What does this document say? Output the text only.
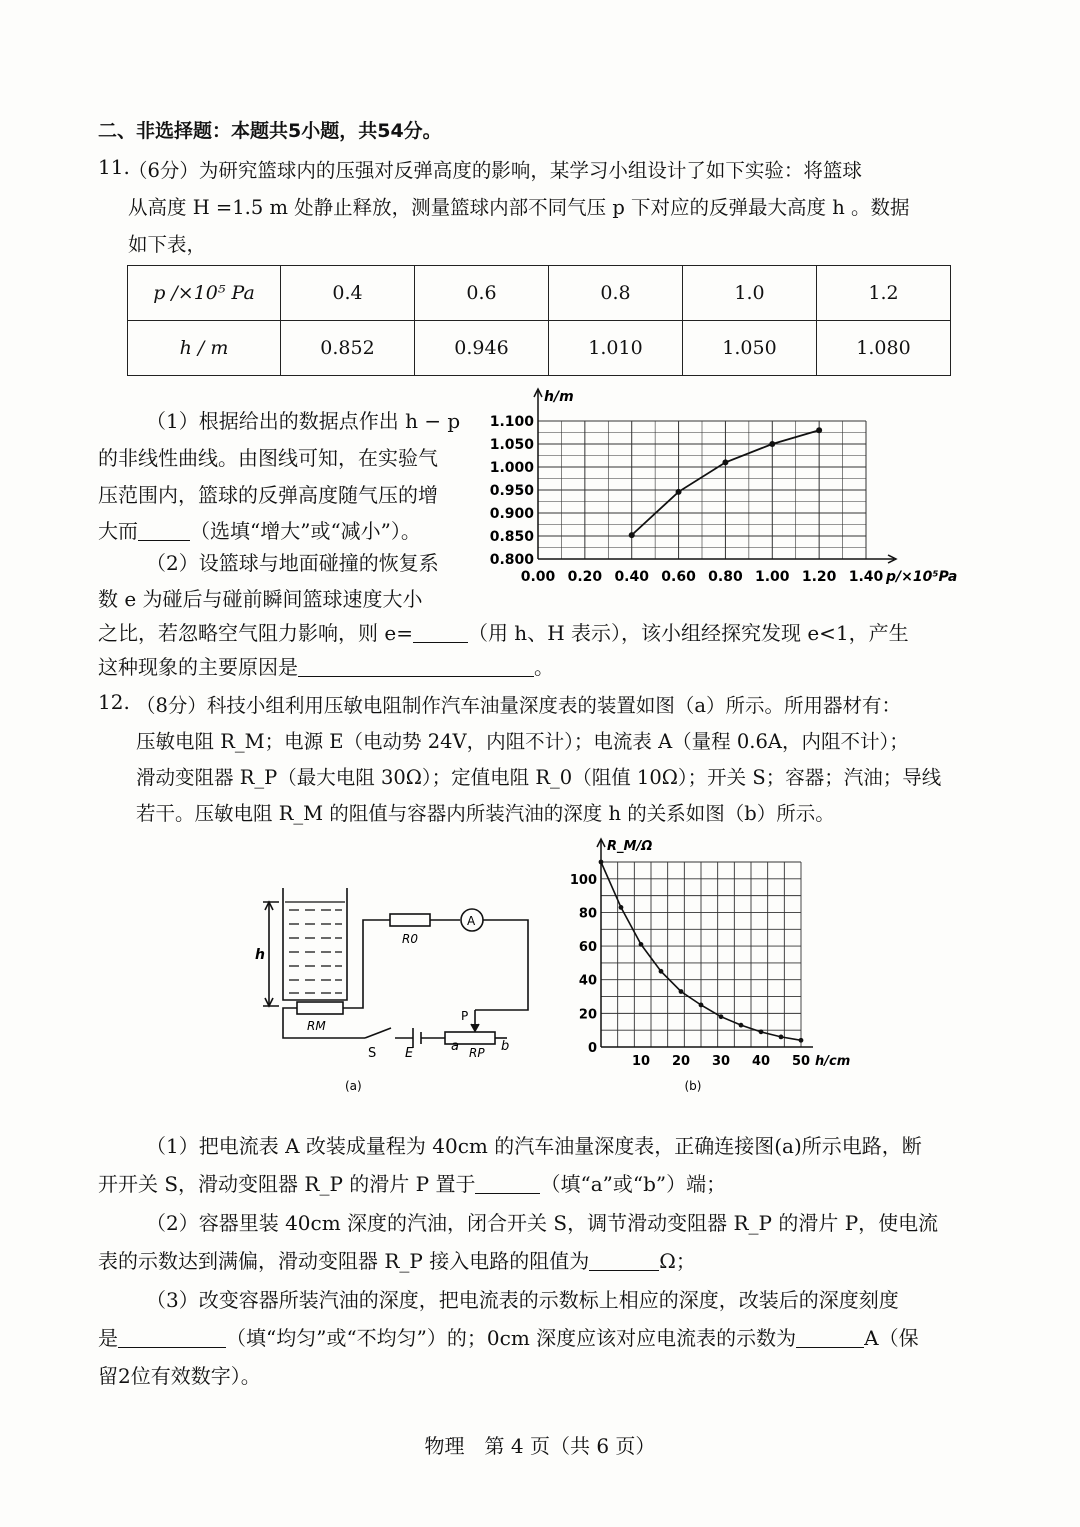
二、非选择题：本题共5小题，共54分。
11.
（6分）为研究篮球内的压强对反弹高度的影响，某学习小组设计了如下实验：将篮球
从高度 H =1.5 m 处静止释放，测量篮球内部不同气压 p 下对应的反弹最大高度 h 。数据
如下表，
p /×10⁵ Pa	0.4	0.6	0.8	1.0	1.2
h / m	0.852	0.946	1.010	1.050	1.080
（1）根据给出的数据点作出 h − p
的非线性曲线。由图线可知，在实验气
压范围内，篮球的反弹高度随气压的增
大而	（选填“增大”或“减小”）。
（2）设篮球与地面碰撞的恢复系
数 e 为碰后与碰前瞬间篮球速度大小
之比，若忽略空气阻力影响，则 e=	（用 h、H 表示），该小组经探究发现 e<1，产生
这种现象的主要原因是	。
0.00 0.20 0.40 0.60 0.80 1.00 1.20 1.40
0.800
0.850
0.900
0.950
1.000
1.050
1.100
p/×10⁵Pa
h/m
12. （8分）科技小组利用压敏电阻制作汽车油量深度表的装置如图（a）所示。所用器材有：
压敏电阻 R_M；电源 E（电动势 24V，内阻不计）；电流表 A（量程 0.6A，内阻不计）；
滑动变阻器 R_P（最大电阻 30Ω）；定值电阻 R_0（阻值 10Ω）；开关 S；容器；汽油；导线
若干。压敏电阻 R_M 的阻值与容器内所装汽油的深度 h 的关系如图（b）所示。
h
R0
A
RM
P
S E	a RP b
(a)
10 20 30 40 50
0
20
40
60
80
100
h/cm
R_M/Ω
(b)
（1）把电流表 A 改装成量程为 40cm 的汽车油量深度表，正确连接图(a)所示电路，断
开开关 S，滑动变阻器 R_P 的滑片 P 置于	（填“a”或“b”）端；
（2）容器里装 40cm 深度的汽油，闭合开关 S，调节滑动变阻器 R_P 的滑片 P，使电流
表的示数达到满偏，滑动变阻器 R_P 接入电路的阻值为	Ω；
（3）改变容器所装汽油的深度，把电流表的示数标上相应的深度，改装后的深度刻度
是	（填“均匀”或“不均匀”）的；0cm 深度应该对应电流表的示数为	A（保
留2位有效数字）。
物理　第 4 页（共 6 页）
